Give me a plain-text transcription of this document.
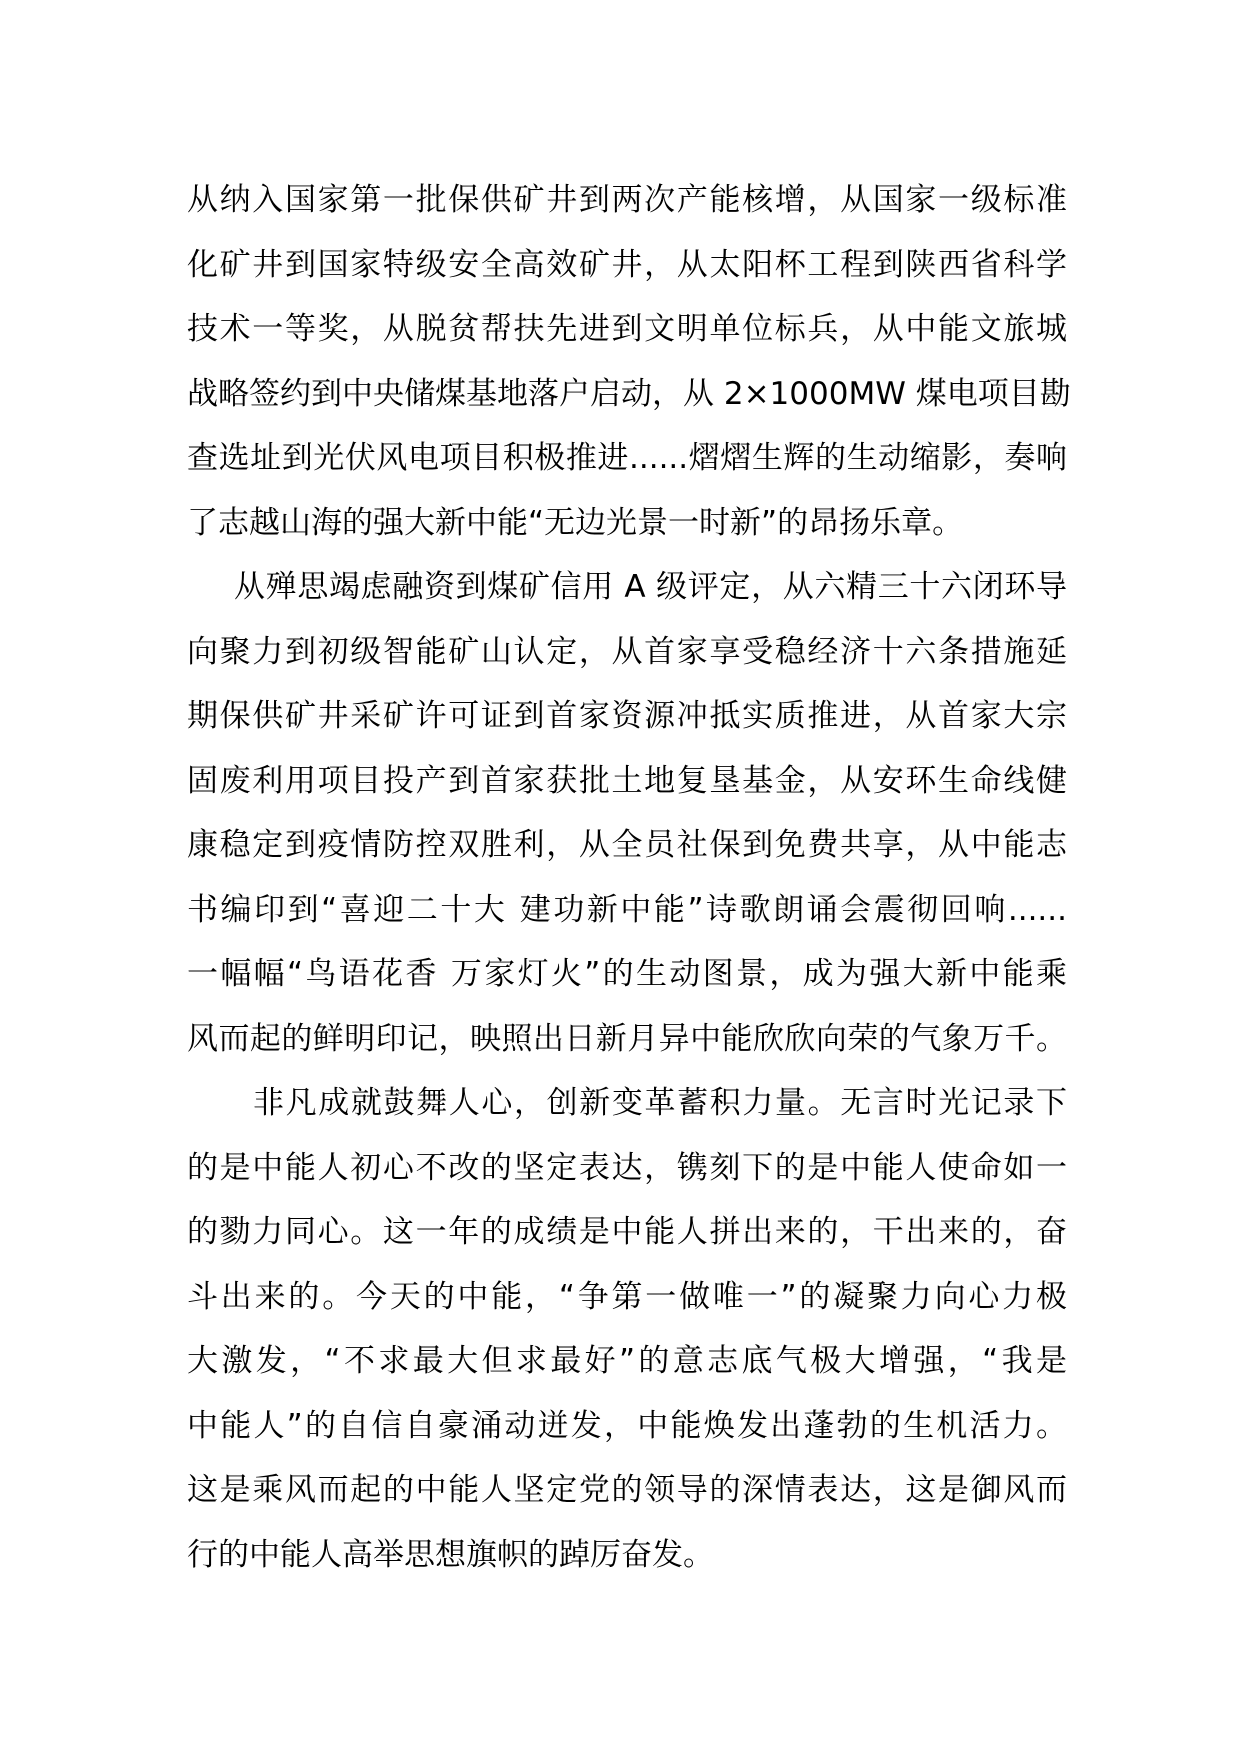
从纳入国家第一批保供矿井到两次产能核增，从国家一级标准
化矿井到国家特级安全高效矿井，从太阳杯工程到陕西省科学
技术一等奖，从脱贫帮扶先进到文明单位标兵，从中能文旅城
战略签约到中央储煤基地落户启动，从 2×1000MW 煤电项目勘
查选址到光伏风电项目积极推进......熠熠生辉的生动缩影，奏响
了志越山海的强大新中能“无边光景一时新”的昂扬乐章。
从殚思竭虑融资到煤矿信用 A 级评定，从六精三十六闭环导
向聚力到初级智能矿山认定，从首家享受稳经济十六条措施延
期保供矿井采矿许可证到首家资源冲抵实质推进，从首家大宗
固废利用项目投产到首家获批土地复垦基金，从安环生命线健
康稳定到疫情防控双胜利，从全员社保到免费共享，从中能志
书编印到“喜迎二十大 建功新中能”诗歌朗诵会震彻回响......
一幅幅“鸟语花香 万家灯火”的生动图景，成为强大新中能乘
风而起的鲜明印记，映照出日新月异中能欣欣向荣的气象万千。
非凡成就鼓舞人心，创新变革蓄积力量。无言时光记录下
的是中能人初心不改的坚定表达，镌刻下的是中能人使命如一
的勠力同心。这一年的成绩是中能人拼出来的，干出来的，奋
斗出来的。今天的中能，“争第一做唯一”的凝聚力向心力极
大激发，“不求最大但求最好”的意志底气极大增强，“我是
中能人”的自信自豪涌动迸发，中能焕发出蓬勃的生机活力。
这是乘风而起的中能人坚定党的领导的深情表达，这是御风而
行的中能人高举思想旗帜的踔厉奋发。
